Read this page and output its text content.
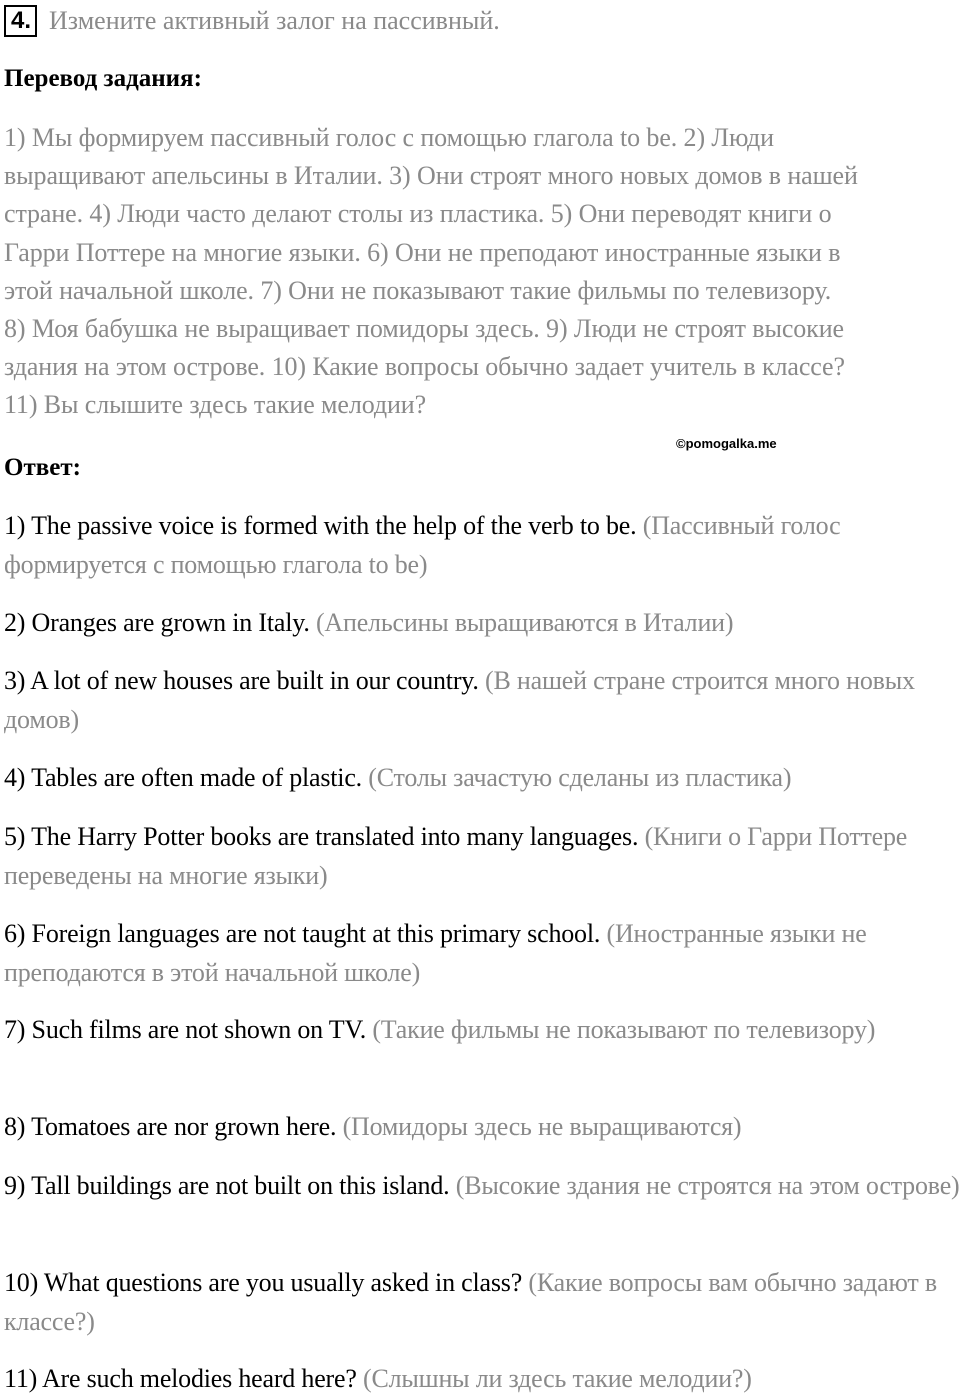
4. Измените активный залог на пассивный.
Перевод задания:
1) Мы формируем пассивный голос с помощью глагола to be. 2) Люди
выращивают апельсины в Италии. 3) Они строят много новых домов в нашей
стране. 4) Люди часто делают столы из пластика. 5) Они переводят книги о
Гарри Поттере на многие языки. 6) Они не преподают иностранные языки в
этой начальной школе. 7) Они не показывают такие фильмы по телевизору.
8) Моя бабушка не выращивает помидоры здесь. 9) Люди не строят высокие
здания на этом острове. 10) Какие вопросы обычно задает учитель в классе?
11) Вы слышите здесь такие мелодии?
©pomogalka.me
Ответ:
1) The passive voice is formed with the help of the verb to be. (Пассивный голос формируется с помощью глагола to be)
2) Oranges are grown in Italy. (Апельсины выращиваются в Италии)
3) A lot of new houses are built in our country. (В нашей стране строится много новых домов)
4) Tables are often made of plastic. (Столы зачастую сделаны из пластика)
5) The Harry Potter books are translated into many languages. (Книги о Гарри Поттере переведены на многие языки)
6) Foreign languages are not taught at this primary school. (Иностранные языки не преподаются в этой начальной школе)
7) Such films are not shown on TV. (Такие фильмы не показывают по телевизору)
8) Tomatoes are nor grown here. (Помидоры здесь не выращиваются)
9) Tall buildings are not built on this island. (Высокие здания не строятся на этом острове)
10) What questions are you usually asked in class? (Какие вопросы вам обычно задают в классе?)
11) Are such melodies heard here? (Слышны ли здесь такие мелодии?)
